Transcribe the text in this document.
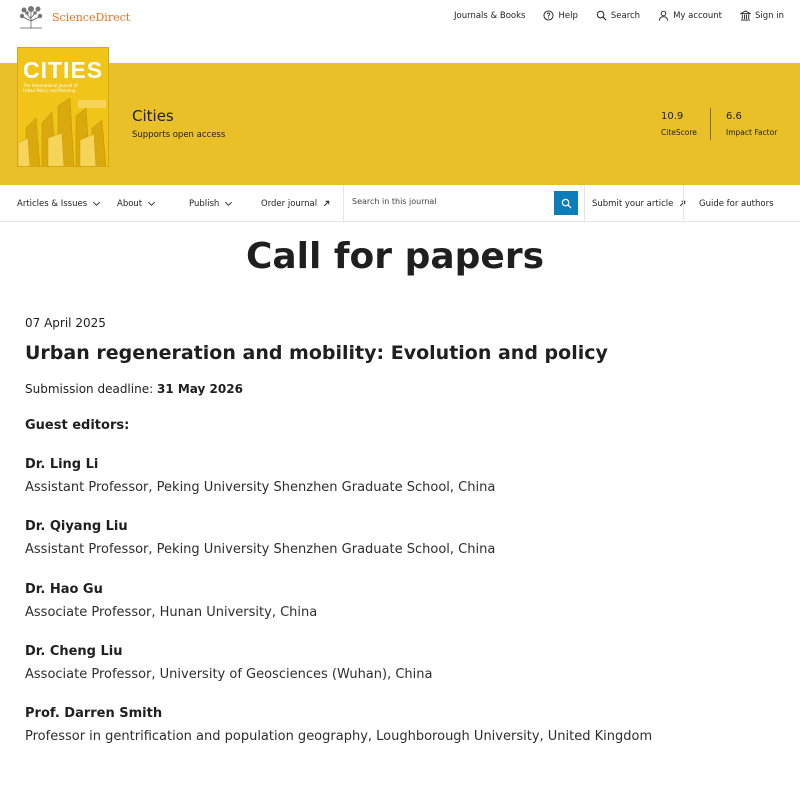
ScienceDirect	Journals & Books	Help	Search	My account	Sign in
CITIES
The International Journal of Urban Policy and Planning
Cities
Supports open access
10.9
CiteScore
6.6
Impact Factor
Articles & Issues	About	Publish	Order journal
Search in this journal	Submit your article	Guide for authors
Call for papers
07 April 2025
Urban regeneration and mobility: Evolution and policy
Submission deadline: 31 May 2026
Guest editors:
Dr. Ling Li
Assistant Professor, Peking University Shenzhen Graduate School, China
Dr. Qiyang Liu
Assistant Professor, Peking University Shenzhen Graduate School, China
Dr. Hao Gu
Associate Professor, Hunan University, China
Dr. Cheng Liu
Associate Professor, University of Geosciences (Wuhan), China
Prof. Darren Smith
Professor in gentrification and population geography, Loughborough University, United Kingdom
